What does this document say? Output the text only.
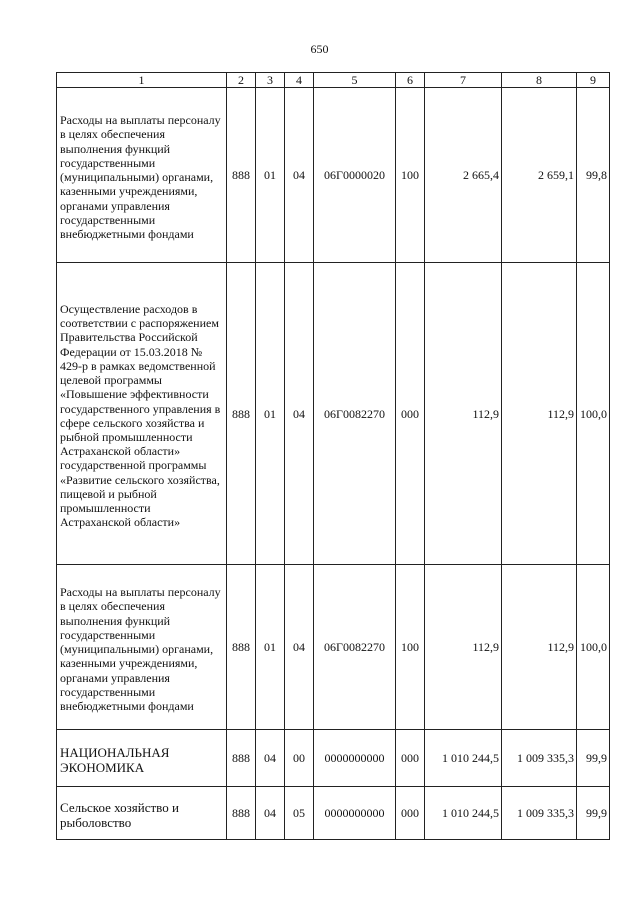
650
1	2	3	4	5	6	7	8	9

Расходы на выплаты персоналу в целях обеспечения выполнения функций государственными (муниципальными) органами, казенными учреждениями, органами управления государственными внебюджетными фондами	888	01	04	06Г0000020	100	2 665,4	2 659,1	99,8

Осуществление расходов в соответствии с распоряжением Правительства Российской Федерации от 15.03.2018 № 429-р в рамках ведомственной целевой программы «Повышение эффективности государственного управления в сфере сельского хозяйства и рыбной промышленности Астраханской области» государственной программы «Развитие сельского хозяйства, пищевой и рыбной промышленности Астраханской области»	888	01	04	06Г0082270	000	112,9	112,9	100,0

Расходы на выплаты персоналу в целях обеспечения выполнения функций государственными (муниципальными) органами, казенными учреждениями, органами управления государственными внебюджетными фондами	888	01	04	06Г0082270	100	112,9	112,9	100,0

НАЦИОНАЛЬНАЯ ЭКОНОМИКА	888	04	00	0000000000	000	1 010 244,5	1 009 335,3	99,9

Сельское хозяйство и рыболовство	888	04	05	0000000000	000	1 010 244,5	1 009 335,3	99,9
